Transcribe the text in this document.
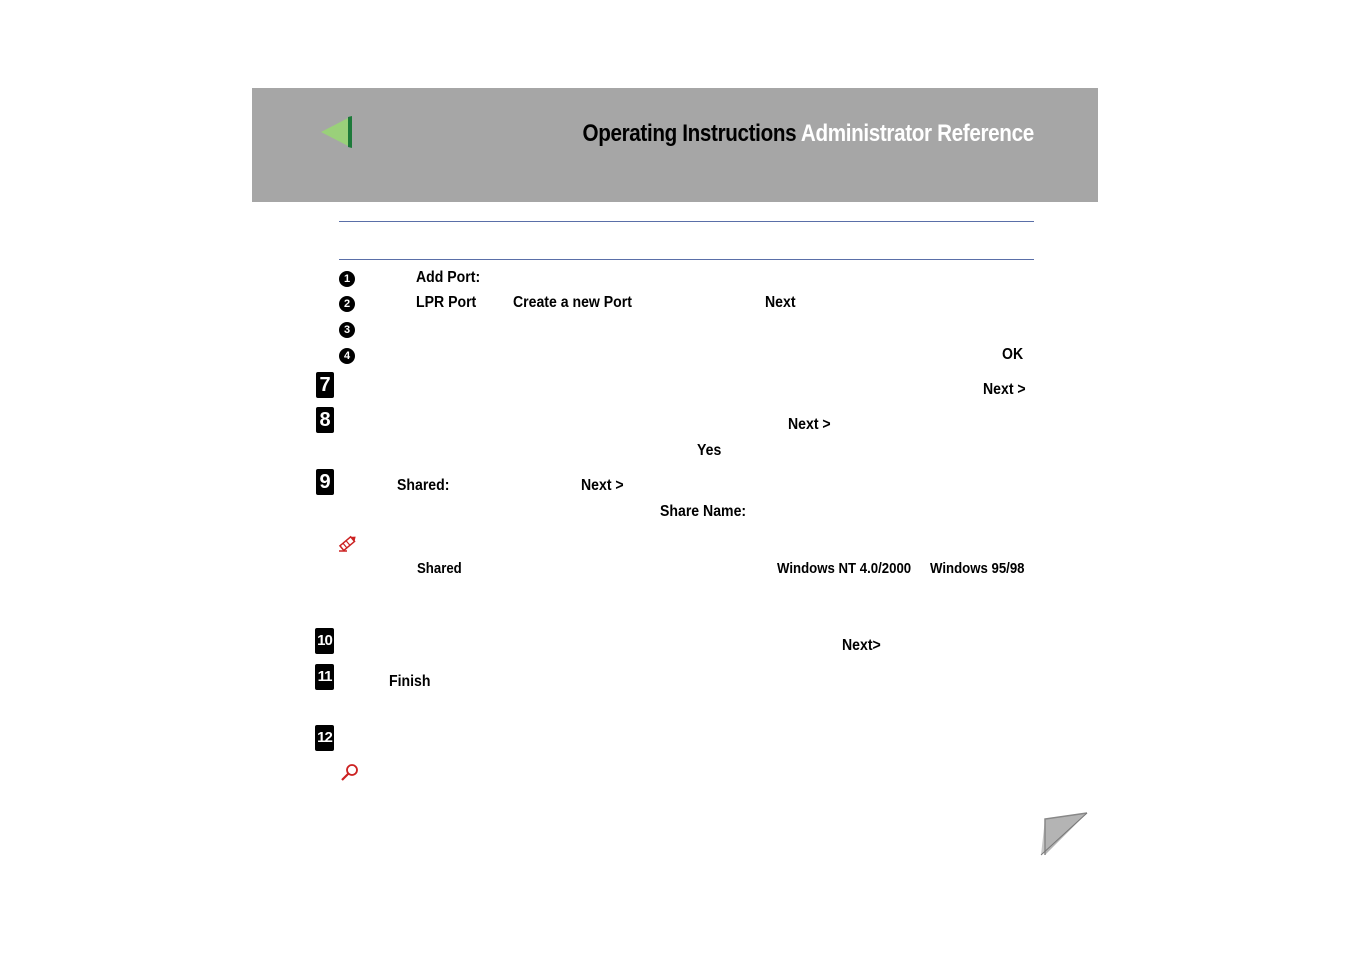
Operating Instructions Administrator Reference
1	Add Port:
2	LPR Port Create a new Port	Next
3
4	OK
7	Next >
8	Next >
Yes
9	Shared:	Next >
Share Name:
Shared	Windows NT 4.0/2000 Windows 95/98
10	Next>
11	Finish
12
